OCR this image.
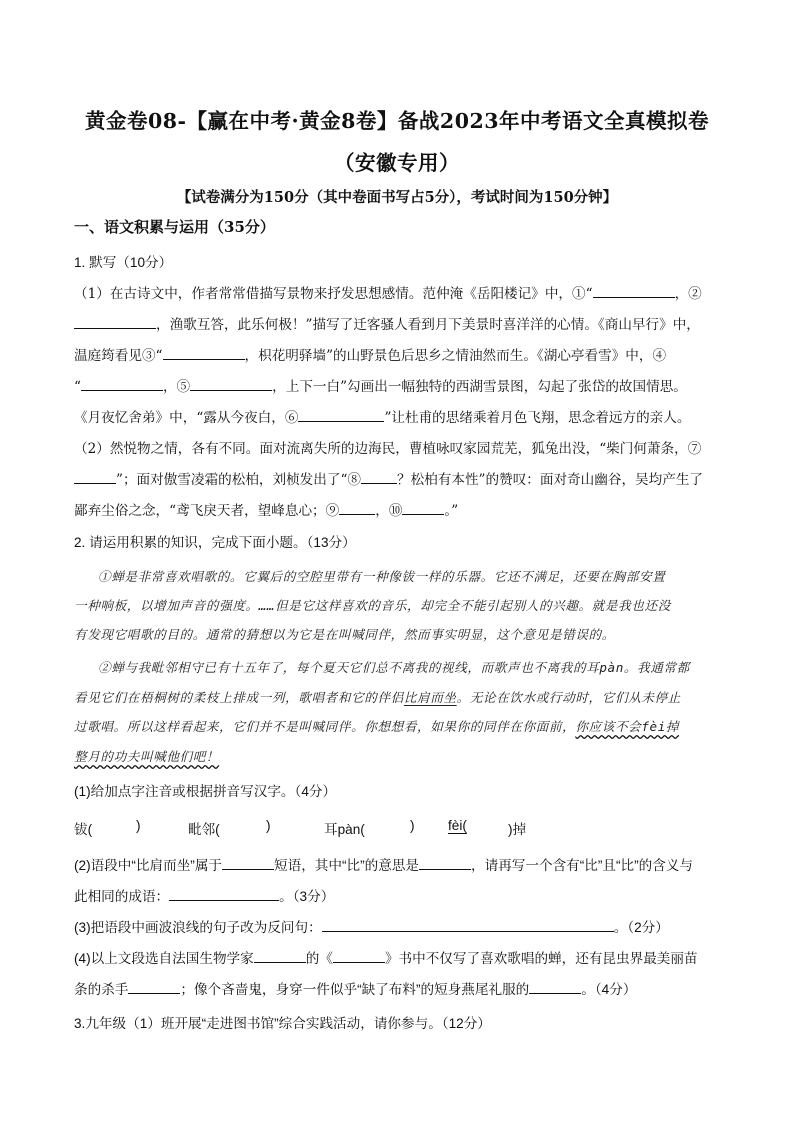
黄金卷08-【赢在中考·黄金8卷】备战2023年中考语文全真模拟卷
（安徽专用）
【试卷满分为150分（其中卷面书写占5分），考试时间为150分钟】
一、语文积累与运用（35分）
1. 默写（10分）
（1）在古诗文中，作者常常借描写景物来抒发思想感情。范仲淹《岳阳楼记》中，①“	，②
，渔歌互答，此乐何极！”描写了迁客骚人看到月下美景时喜洋洋的心情。《商山早行》中，
温庭筠看见③“	，枳花明驿墙”的山野景色后思乡之情油然而生。《湖心亭看雪》中，④
“	，⑤	，上下一白”勾画出一幅独特的西湖雪景图，勾起了张岱的故国情思。
《月夜忆舍弟》中，“露从今夜白，⑥	”让杜甫的思绪乘着月色飞翔，思念着远方的亲人。
（2）然悦物之情，各有不同。面对流离失所的边海民，曹植咏叹家园荒芜，狐兔出没，“柴门何萧条，⑦
”；面对傲雪凌霜的松柏，刘桢发出了“⑧	？松柏有本性”的赞叹：面对奇山幽谷，吴均产生了
鄙弃尘俗之念，“鸢飞戾天者，望峰息心；⑨	，⑩	。”
2. 请运用积累的知识，完成下面小题。（13分）
①蝉是非常喜欢唱歌的。它翼后的空腔里带有一种像钹一样的乐器。它还不满足，还要在胸部安置
一种响板，以增加声音的强度。……但是它这样喜欢的音乐，却完全不能引起别人的兴趣。就是我也还没
有发现它唱歌的目的。通常的猜想以为它是在叫喊同伴，然而事实明显，这个意见是错误的。
②蝉与我毗邻相守已有十五年了，每个夏天它们总不离我的视线，而歌声也不离我的耳pàn。我通常都
看见它们在梧桐树的柔枝上排成一列，歌唱者和它的伴侣比肩而坐。无论在饮水或行动时，它们从未停止
过歌唱。所以这样看起来，它们并不是叫喊同伴。你想想看，如果你的同伴在你面前，你应该不会fèi掉
整月的功夫叫喊他们吧！
(1)给加点字注音或根据拼音写汉字。（4分）
钹(	)	毗邻(	)	耳pàn(	) fèi(	)掉
(2)语段中“比肩而坐”属于	短语，其中“比”的意思是	，请再写一个含有“比”且“比”的含义与
此相同的成语：	。（3分）
(3)把语段中画波浪线的句子改为反问句：	。（2分）
(4)以上文段选自法国生物学家	的《	》书中不仅写了喜欢歌唱的蝉，还有昆虫界最美丽苗
条的杀手	；像个吝啬鬼，身穿一件似乎“缺了布料”的短身燕尾礼服的	。（4分）
3.九年级（1）班开展“走进图书馆”综合实践活动，请你参与。（12分）
